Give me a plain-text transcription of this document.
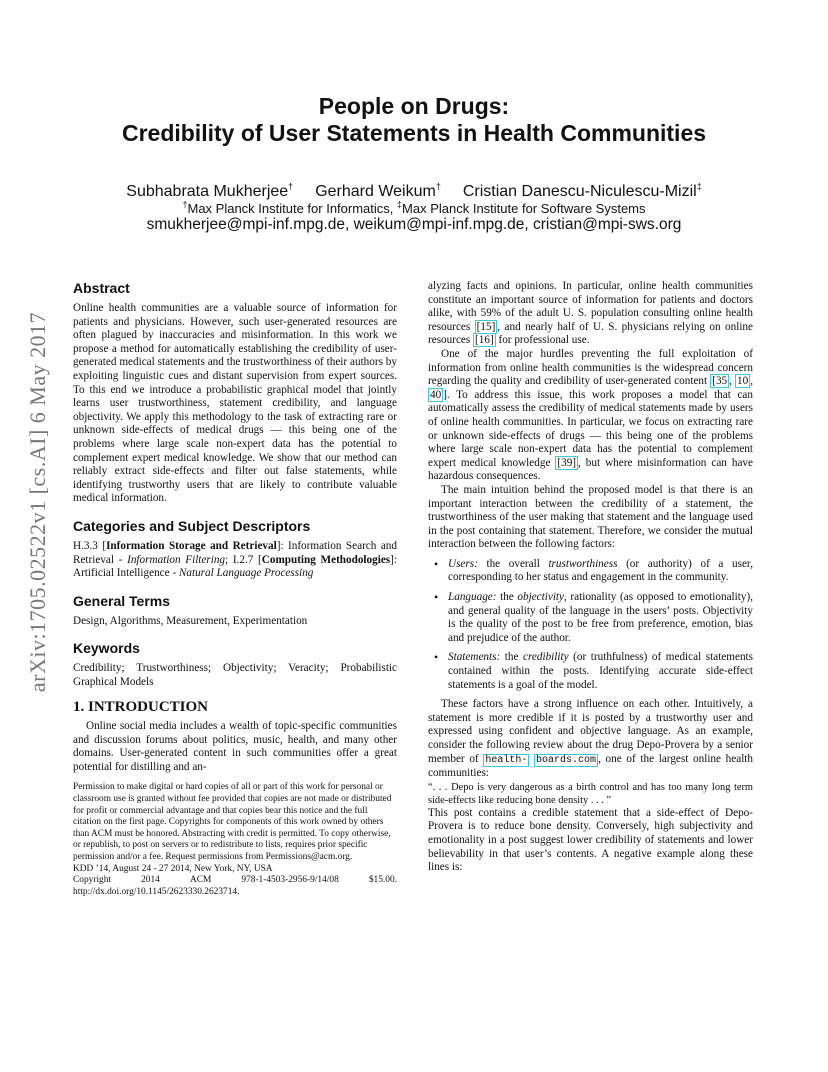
arXiv:1705.02522v1 [cs.AI] 6 May 2017
People on Drugs:
Credibility of User Statements in Health Communities
Subhabrata Mukherjee† Gerhard Weikum† Cristian Danescu-Niculescu-Mizil‡
†Max Planck Institute for Informatics, ‡Max Planck Institute for Software Systems
smukherjee@mpi-inf.mpg.de, weikum@mpi-inf.mpg.de, cristian@mpi-sws.org
Abstract

Online health communities are a valuable source of information for patients and physicians. However, such user-generated resources are often plagued by inaccuracies and misinformation. In this work we propose a method for automatically establishing the credibility of user-generated medical statements and the trustworthiness of their authors by exploiting linguistic cues and distant supervision from expert sources. To this end we introduce a probabilistic graphical model that jointly learns user trustworthiness, statement credibility, and language objectivity. We apply this methodology to the task of extracting rare or unknown side-effects of medical drugs — this being one of the problems where large scale non-expert data has the potential to complement expert medical knowledge. We show that our method can reliably extract side-effects and filter out false statements, while identifying trustworthy users that are likely to contribute valuable medical information.

Categories and Subject Descriptors

H.3.3 [Information Storage and Retrieval]: Information Search and Retrieval - Information Filtering; I.2.7 [Computing Methodologies]: Artificial Intelligence - Natural Language Processing

General Terms

Design, Algorithms, Measurement, Experimentation

Keywords

Credibility; Trustworthiness; Objectivity; Veracity; Probabilistic Graphical Models

1. INTRODUCTION

Online social media includes a wealth of topic-specific communities and discussion forums about politics, music, health, and many other domains. User-generated content in such communities offer a great potential for distilling and an-

Permission to make digital or hard copies of all or part of this work for personal or classroom use is granted without fee provided that copies are not made or distributed for profit or commercial advantage and that copies bear this notice and the full citation on the first page. Copyrights for components of this work owned by others than ACM must be honored. Abstracting with credit is permitted. To copy otherwise, or republish, to post on servers or to redistribute to lists, requires prior specific permission and/or a fee. Request permissions from Permissions@acm.org.

KDD ’14, August 24 - 27 2014, New York, NY, USA

Copyright	2014	ACM	978-1-4503-2956-9/14/08	$15.00.

http://dx.doi.org/10.1145/2623330.2623714.

alyzing facts and opinions. In particular, online health communities constitute an important source of information for patients and doctors alike, with 59% of the adult U. S. population consulting online health resources [15] , and nearly half of U. S. physicians relying on online resources [16] for professional use.

One of the major hurdles preventing the full exploitation of information from online health communities is the widespread concern regarding the quality and credibility of user-generated content [35 , 10 , 40 ]. To address this issue, this work proposes a model that can automatically assess the credibility of medical statements made by users of online health communities. In particular, we focus on extracting rare or unknown side-effects of drugs — this being one of the problems where large scale non-expert data has the potential to complement expert medical knowledge [39] , but where misinformation can have hazardous consequences.

The main intuition behind the proposed model is that there is an important interaction between the credibility of a statement, the trustworthiness of the user making that statement and the language used in the post containing that statement. Therefore, we consider the mutual interaction between the following factors:

• Users: the overall trustworthiness (or authority) of a user, corresponding to her status and engagement in the community.
• Language: the objectivity, rationality (as opposed to emotionality), and general quality of the language in the users’ posts. Objectivity is the quality of the post to be free from preference, emotion, bias and prejudice of the author.
• Statements: the credibility (or truthfulness) of medical statements contained within the posts. Identifying accurate side-effect statements is a goal of the model.

These factors have a strong influence on each other. Intuitively, a statement is more credible if it is posted by a trustworthy user and expressed using confident and objective language. As an example, consider the following review about the drug Depo-Provera by a senior member of health- boards.com , one of the largest online health communities:

“. . . Depo is very dangerous as a birth control and has too many long term side-effects like reducing bone density . . . ”

This post contains a credible statement that a side-effect of Depo-Provera is to reduce bone density. Conversely, high subjectivity and emotionality in a post suggest lower credibility of statements and lower believability in that user’s contents. A negative example along these lines is:
